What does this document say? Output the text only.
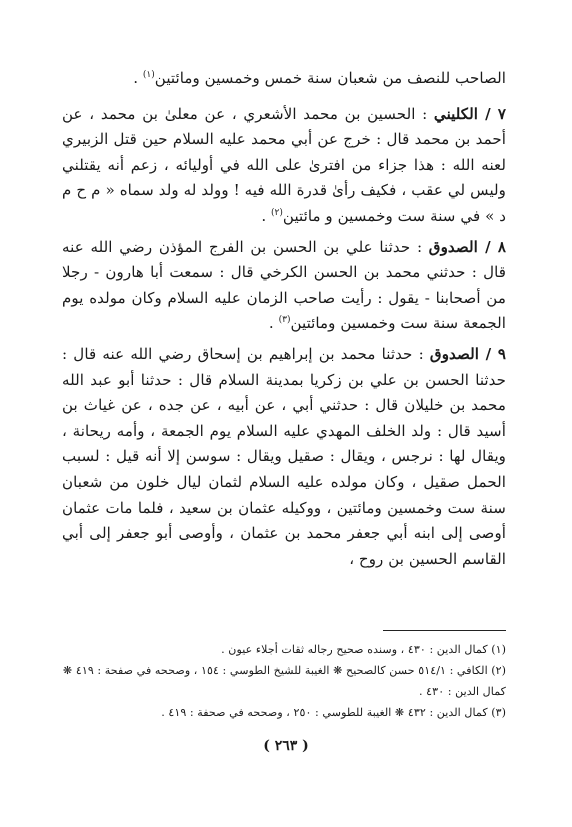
الصاحب للنصف من شعبان سنة خمس وخمسين ومائتين$^{(١)}$ .

٧ / الكليني : الحسين بن محمد الأشعري ، عن معلىٰ بن محمد ، عن أحمد بن محمد قال : خرج عن أبي محمد عليه السلام حين قتل الزبيري لعنه الله : هذا جزاء من افترىٰ على الله في أوليائه ، زعم أنه يقتلني وليس لي عقب ، فكيف رأىٰ قدرة الله فيه ! وولد له ولد سماه « م ح م د » في سنة ست وخمسين و مائتين$^{(٢)}$ .

٨ / الصدوق : حدثنا علي بن الحسن بن الفرج المؤذن رضي الله عنه قال : حدثني محمد بن الحسن الكرخي قال : سمعت أبا هارون - رجلا من أصحابنا - يقول : رأيت صاحب الزمان عليه السلام وكان مولده يوم الجمعة سنة ست وخمسين ومائتين$^{(٣)}$ .

٩ / الصدوق : حدثنا محمد بن إبراهيم بن إسحاق رضي الله عنه قال : حدثنا الحسن بن علي بن زكريا بمدينة السلام قال : حدثنا أبو عبد الله محمد بن خليلان قال : حدثني أبي ، عن أبيه ، عن جده ، عن غياث بن أسيد قال : ولد الخلف المهدي عليه السلام يوم الجمعة ، وأمه ريحانة ، ويقال لها : نرجس ، ويقال : صقيل ويقال : سوسن إلا أنه قيل : لسبب الحمل صقيل ، وكان مولده عليه السلام لثمان ليال خلون من شعبان سنة ست وخمسين ومائتين ، ووكيله عثمان بن سعيد ، فلما مات عثمان أوصى إلى ابنه أبي جعفر محمد بن عثمان ، وأوصى أبو جعفر إلى أبي القاسم الحسين بن روح ،

(١) كمال الدين : ٤٣٠ ، وسنده صحيح رجاله ثقات أجلاء عيون .

(٢) الكافي : ٥١٤/١ حسن كالصحيح ❋ الغيبة للشيخ الطوسي : ١٥٤ ، وصححه في صفحة : ٤١٩ ❋

كمال الدين : ٤٣٠ .

(٣) كمال الدين : ٤٣٢ ❋ الغيبة للطوسي : ٢٥٠ ، وصححه في صحفة : ٤١٩ .

( ٢٦٣ )
